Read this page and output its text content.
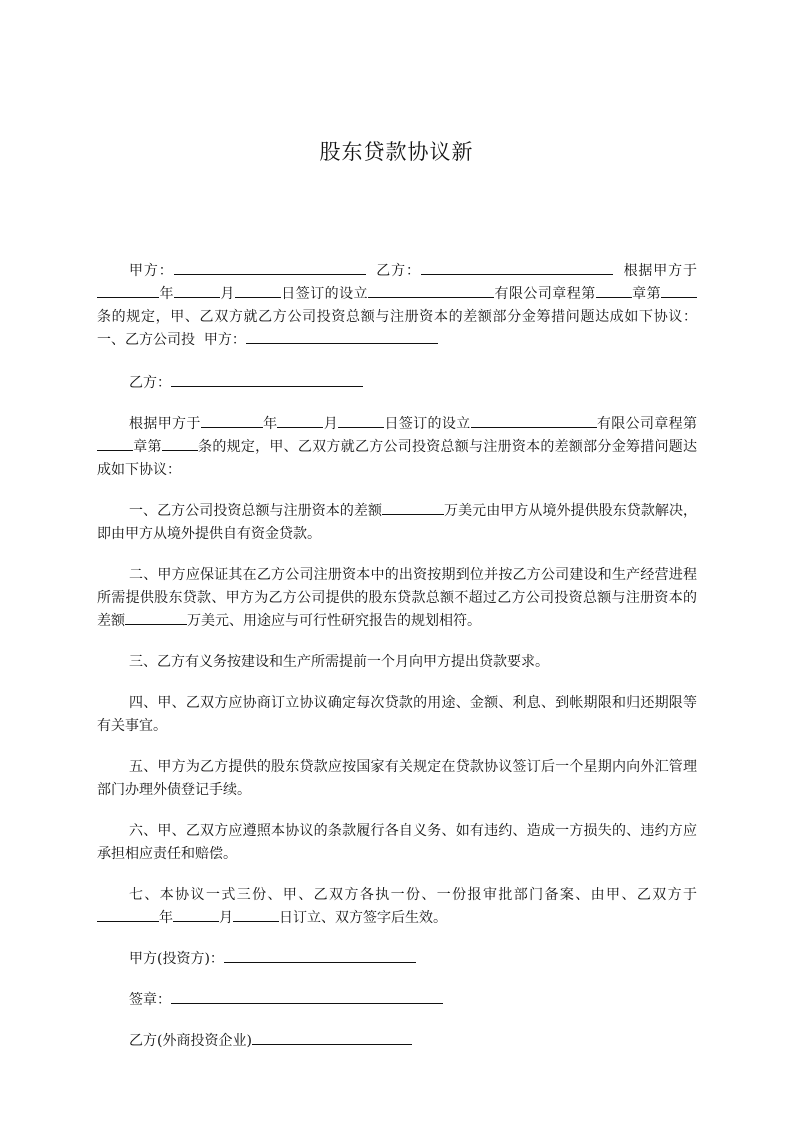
股东贷款协议新

甲方：	乙方：	根据甲方于年	月	日签订的设立	有限公司章程第	章第条的规定，甲、乙双方就乙方公司投资总额与注册资本的差额部分金筹措问题达成如下协议： 一、乙方公司投 甲方：

乙方：

根据甲方于	年	月	日签订的设立	有限公司章程第章第	条的规定，甲、乙双方就乙方公司投资总额与注册资本的差额部分金筹措问题达成如下协议：

一、乙方公司投资总额与注册资本的差额	万美元由甲方从境外提供股东贷款解决，即由甲方从境外提供自有资金贷款。

二、甲方应保证其在乙方公司注册资本中的出资按期到位并按乙方公司建设和生产经营进程所需提供股东贷款、甲方为乙方公司提供的股东贷款总额不超过乙方公司投资总额与注册资本的差额	万美元、用途应与可行性研究报告的规划相符。

三、乙方有义务按建设和生产所需提前一个月向甲方提出贷款要求。

四、甲、乙双方应协商订立协议确定每次贷款的用途、金额、利息、到帐期限和归还期限等有关事宜。

五、甲方为乙方提供的股东贷款应按国家有关规定在贷款协议签订后一个星期内向外汇管理部门办理外债登记手续。

六、甲、乙双方应遵照本协议的条款履行各自义务、如有违约、造成一方损失的、违约方应承担相应责任和赔偿。

七、本协议一式三份、甲、乙双方各执一份、一份报审批部门备案、由甲、乙双方于年	月	日订立、双方签字后生效。

甲方(投资方)：

签章：

乙方(外商投资企业)
